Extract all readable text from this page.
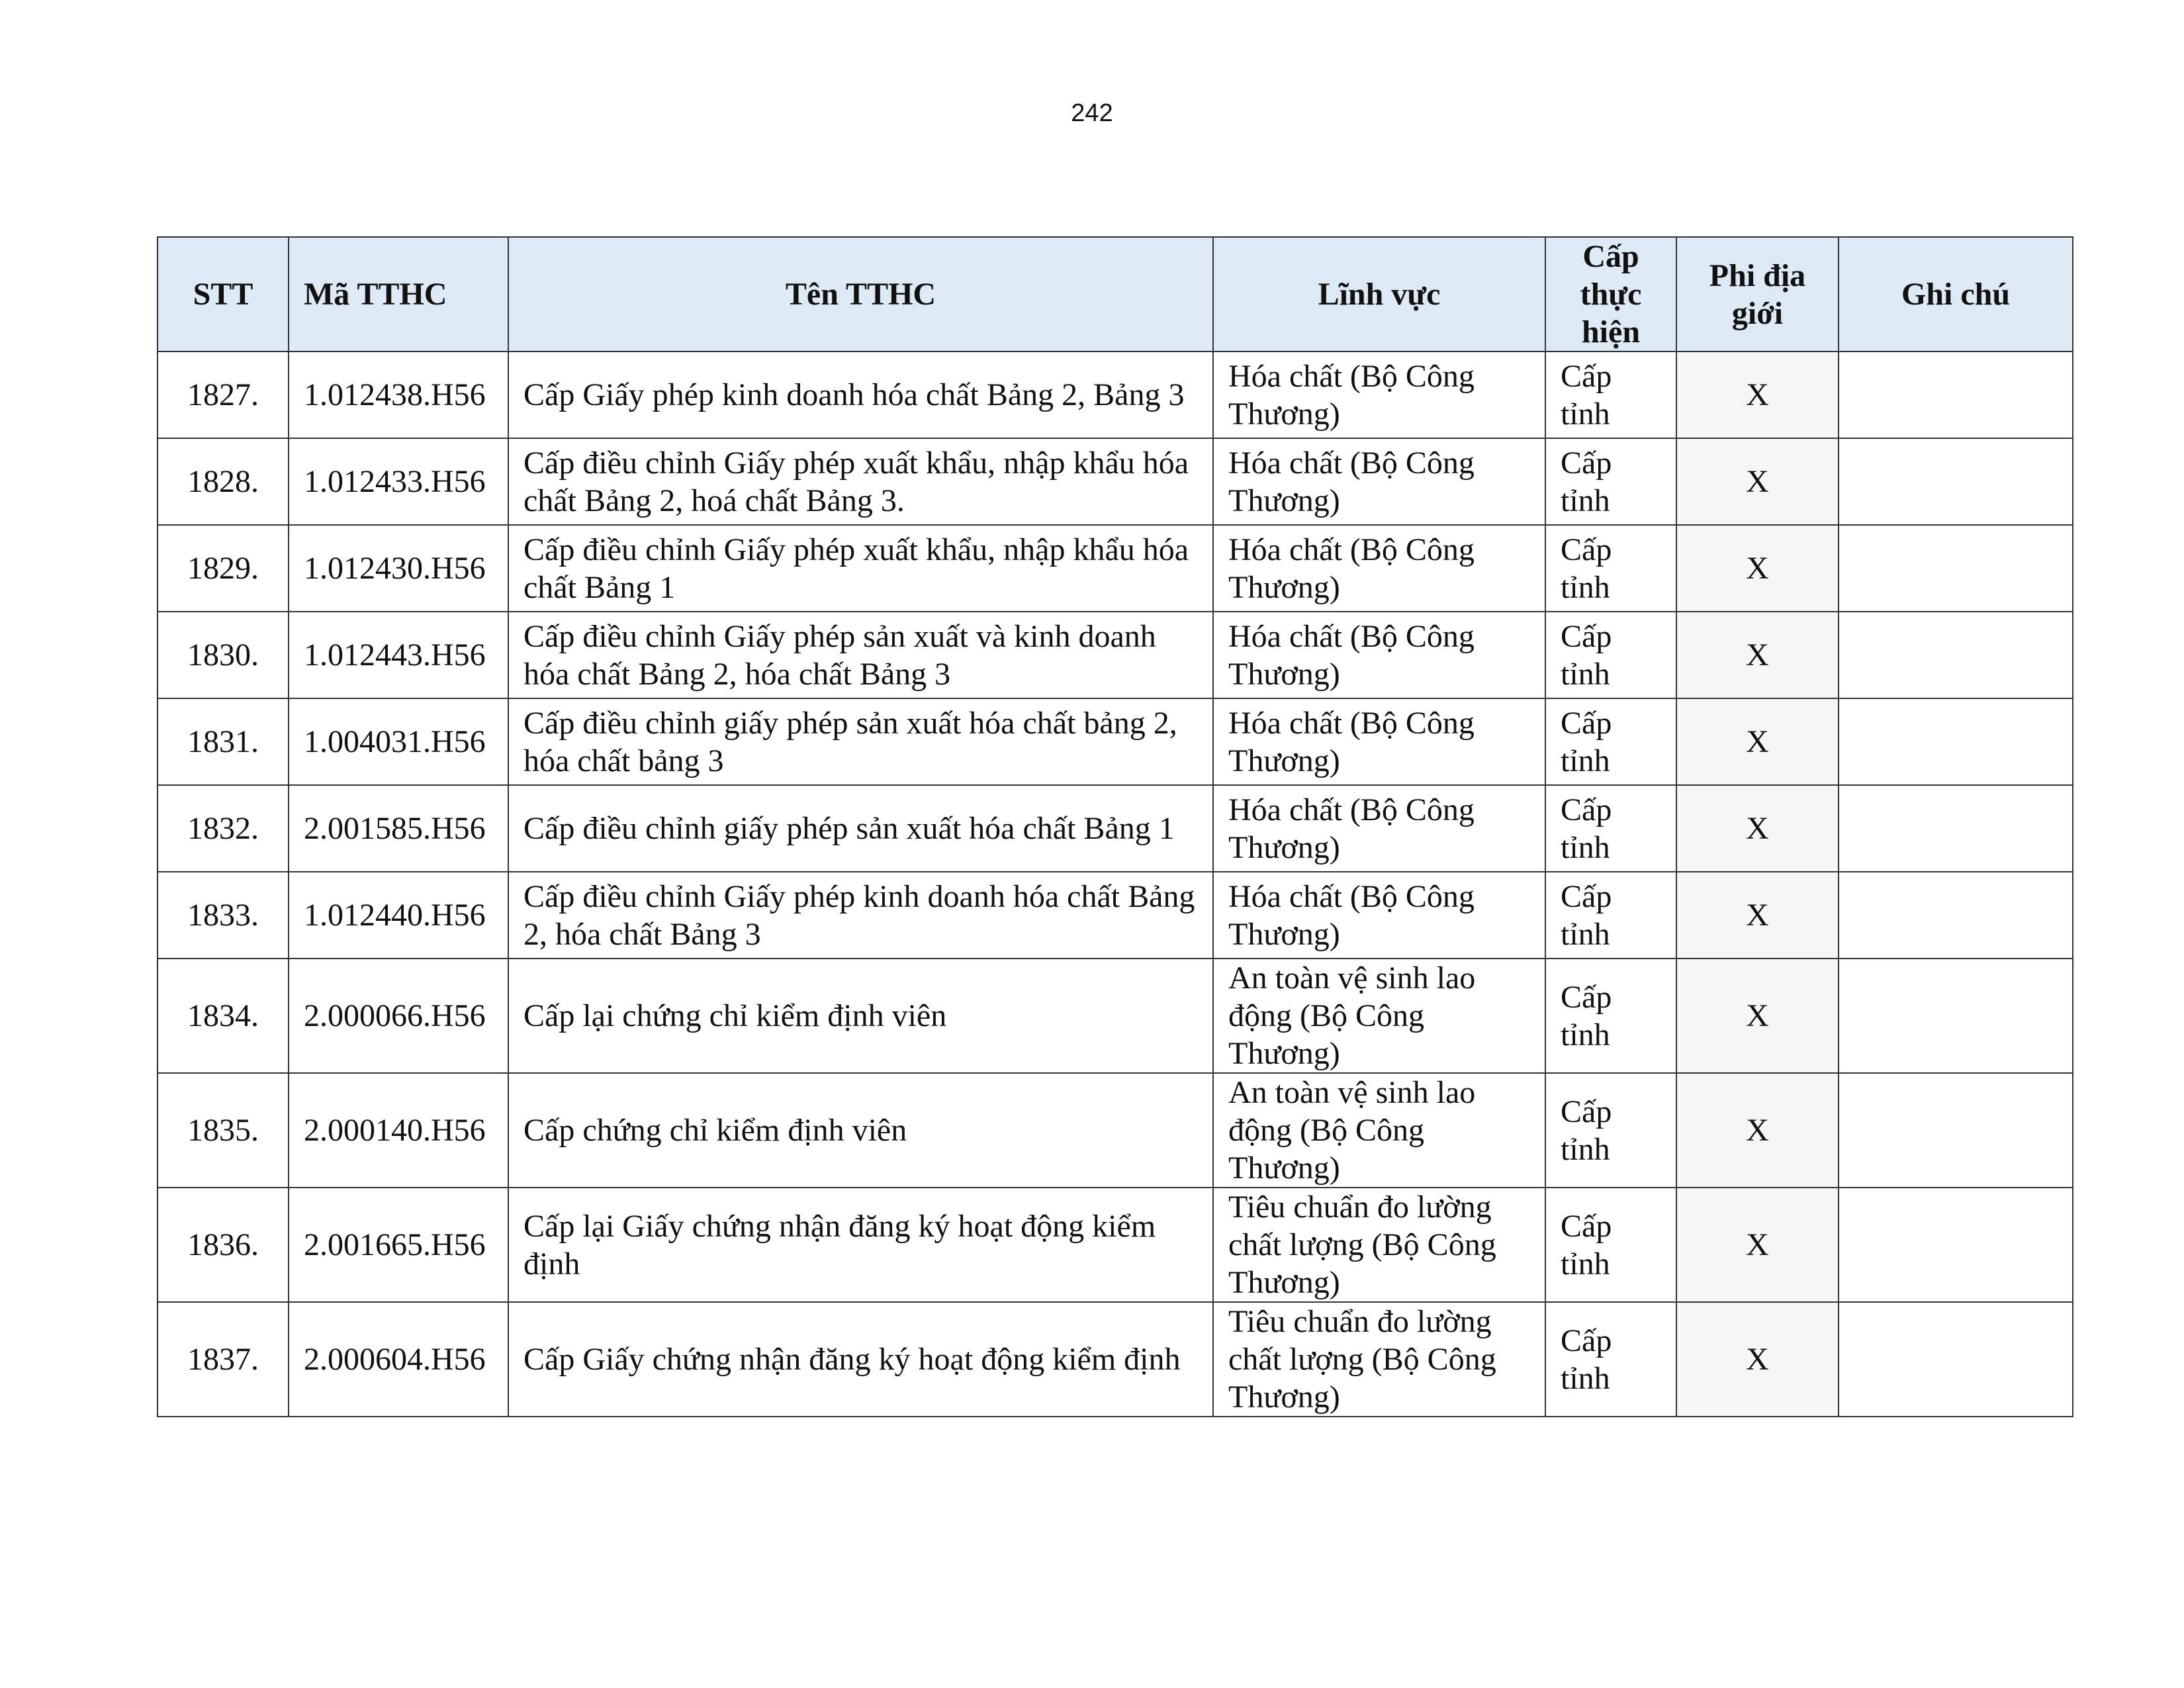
242
STT	Mã TTHC	Tên TTHC	Lĩnh vực	Cấp thực hiện	Phi địa giới	Ghi chú
1827.	1.012438.H56	Cấp Giấy phép kinh doanh hóa chất Bảng 2, Bảng 3	Hóa chất (Bộ Công Thương)	Cấp tỉnh	X	
1828.	1.012433.H56	Cấp điều chỉnh Giấy phép xuất khẩu, nhập khẩu hóa chất Bảng 2, hoá chất Bảng 3.	Hóa chất (Bộ Công Thương)	Cấp tỉnh	X	
1829.	1.012430.H56	Cấp điều chỉnh Giấy phép xuất khẩu, nhập khẩu hóa chất Bảng 1	Hóa chất (Bộ Công Thương)	Cấp tỉnh	X	
1830.	1.012443.H56	Cấp điều chỉnh Giấy phép sản xuất và kinh doanh hóa chất Bảng 2, hóa chất Bảng 3	Hóa chất (Bộ Công Thương)	Cấp tỉnh	X	
1831.	1.004031.H56	Cấp điều chỉnh giấy phép sản xuất hóa chất bảng 2, hóa chất bảng 3	Hóa chất (Bộ Công Thương)	Cấp tỉnh	X	
1832.	2.001585.H56	Cấp điều chỉnh giấy phép sản xuất hóa chất Bảng 1	Hóa chất (Bộ Công Thương)	Cấp tỉnh	X	
1833.	1.012440.H56	Cấp điều chỉnh Giấy phép kinh doanh hóa chất Bảng 2, hóa chất Bảng 3	Hóa chất (Bộ Công Thương)	Cấp tỉnh	X	
1834.	2.000066.H56	Cấp lại chứng chỉ kiểm định viên	An toàn vệ sinh lao động (Bộ Công Thương)	Cấp tỉnh	X	
1835.	2.000140.H56	Cấp chứng chỉ kiểm định viên	An toàn vệ sinh lao động (Bộ Công Thương)	Cấp tỉnh	X	
1836.	2.001665.H56	Cấp lại Giấy chứng nhận đăng ký hoạt động kiểm định	Tiêu chuẩn đo lường chất lượng (Bộ Công Thương)	Cấp tỉnh	X	
1837.	2.000604.H56	Cấp Giấy chứng nhận đăng ký hoạt động kiểm định	Tiêu chuẩn đo lường chất lượng (Bộ Công Thương)	Cấp tỉnh	X	
